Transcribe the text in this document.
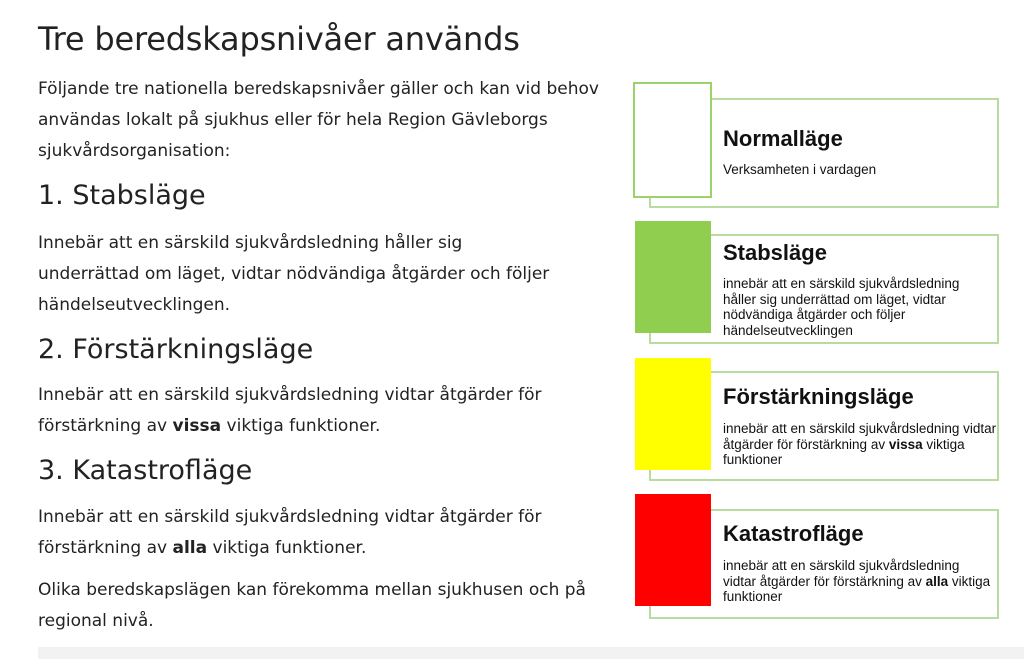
Tre beredskapsnivåer används

Följande tre nationella beredskapsnivåer gäller och kan vid behov användas lokalt på sjukhus eller för hela Region Gävleborgs sjukvårdsorganisation:

1. Stabsläge

Innebär att en särskild sjukvårdsledning håller sig underrättad om läget, vidtar nödvändiga åtgärder och följer händelseutvecklingen.

2. Förstärkningsläge

Innebär att en särskild sjukvårdsledning vidtar åtgärder för förstärkning av vissa viktiga funktioner.

3. Katastrofläge

Innebär att en särskild sjukvårdsledning vidtar åtgärder för förstärkning av alla viktiga funktioner.

Olika beredskapslägen kan förekomma mellan sjukhusen och på regional nivå.

Normalläge

Verksamheten i vardagen

Stabsläge

innebär att en särskild sjukvårdsledning håller sig underrättad om läget, vidtar nödvändiga åtgärder och följer händelseutvecklingen

Förstärkningsläge

innebär att en särskild sjukvårdsledning vidtar åtgärder för förstärkning av vissa viktiga funktioner

Katastrofläge

innebär att en särskild sjukvårdsledning vidtar åtgärder för förstärkning av alla viktiga funktioner
